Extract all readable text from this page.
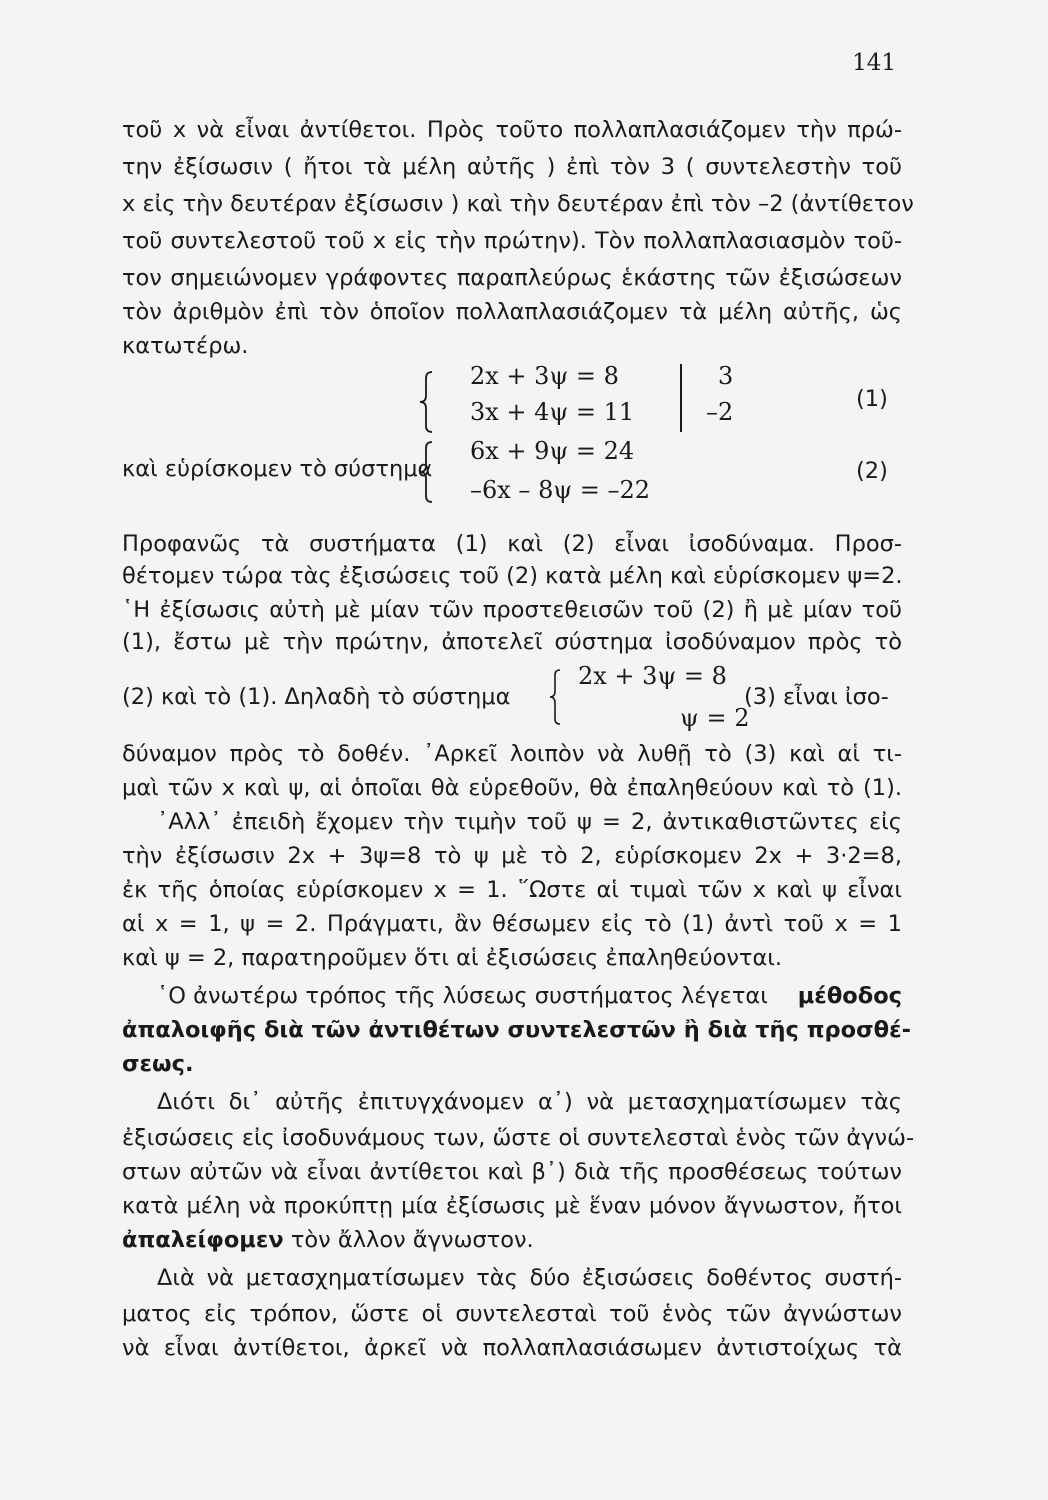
141
τοῦ x νὰ εἶναι ἀντίθετοι. Πρὸς τοῦτο πολλαπλασιάζομεν τὴν πρώ-
την ἐξίσωσιν ( ἤτοι τὰ μέλη αὐτῆς ) ἐπὶ τὸν 3 ( συντελεστὴν τοῦ
x εἰς τὴν δευτέραν ἐξίσωσιν ) καὶ τὴν δευτέραν ἐπὶ τὸν –2 (ἀντίθετον
τοῦ συντελεστοῦ τοῦ x εἰς τὴν πρώτην). Τὸν πολλαπλασιασμὸν τοῦ-
τον σημειώνομεν γράφοντες παραπλεύρως ἑκάστης τῶν ἐξισώσεων
τὸν ἀριθμὸν ἐπὶ τὸν ὁποῖον πολλαπλασιάζομεν τὰ μέλη αὐτῆς, ὡς
κατωτέρω.
2x + 3ψ = 8
3x + 4ψ = 11
3
–2	(1)
καὶ εὑρίσκομεν τὸ σύστημα
6x + 9ψ = 24
–6x – 8ψ = –22
(2)
Προφανῶς τὰ συστήματα (1) καὶ (2) εἶναι ἰσοδύναμα. Προσ-
θέτομεν τώρα τὰς ἐξισώσεις τοῦ (2) κατὰ μέλη καὶ εὑρίσκομεν ψ=2.
῾Η ἐξίσωσις αὐτὴ μὲ μίαν τῶν προστεθεισῶν τοῦ (2) ἢ μὲ μίαν τοῦ
(1), ἔστω μὲ τὴν πρώτην, ἀποτελεῖ σύστημα ἰσοδύναμον πρὸς τὸ
(2) καὶ τὸ (1). Δηλαδὴ τὸ σύστημα
2x + 3ψ = 8
ψ = 2
(3) εἶναι ἰσο-
δύναμον πρὸς τὸ δοθέν. ᾿Αρκεῖ λοιπὸν νὰ λυθῇ τὸ (3) καὶ αἱ τι-
μαὶ τῶν x καὶ ψ, αἱ ὁποῖαι θὰ εὑρεθοῦν, θὰ ἐπαληθεύουν καὶ τὸ (1).
᾿Αλλ᾿ ἐπειδὴ ἔχομεν τὴν τιμὴν τοῦ ψ = 2, ἀντικαθιστῶντες εἰς
τὴν ἐξίσωσιν 2x + 3ψ=8 τὸ ψ μὲ τὸ 2, εὑρίσκομεν 2x + 3·2=8,
ἐκ τῆς ὁποίας εὑρίσκομεν x = 1. ῞Ωστε αἱ τιμαὶ τῶν x καὶ ψ εἶναι
αἱ x = 1, ψ = 2. Πράγματι, ἂν θέσωμεν εἰς τὸ (1) ἀντὶ τοῦ x = 1
καὶ ψ = 2, παρατηροῦμεν ὅτι αἱ ἐξισώσεις ἐπαληθεύονται.
῾Ο ἀνωτέρω τρόπος τῆς λύσεως συστήματος λέγεται μέθοδος
ἀπαλοιφῆς διὰ τῶν ἀντιθέτων συντελεστῶν ἢ διὰ τῆς προσθέ-
σεως.
Διότι δι᾿ αὐτῆς ἐπιτυγχάνομεν α᾿) νὰ μετασχηματίσωμεν τὰς
ἐξισώσεις εἰς ἰσοδυνάμους των, ὥστε οἱ συντελεσταὶ ἑνὸς τῶν ἀγνώ-
στων αὐτῶν νὰ εἶναι ἀντίθετοι καὶ β᾿) διὰ τῆς προσθέσεως τούτων
κατὰ μέλη νὰ προκύπτῃ μία ἐξίσωσις μὲ ἕναν μόνον ἄγνωστον, ἤτοι
ἀπαλείφομεν τὸν ἄλλον ἄγνωστον.
Διὰ νὰ μετασχηματίσωμεν τὰς δύο ἐξισώσεις δοθέντος συστή-
ματος εἰς τρόπον, ὥστε οἱ συντελεσταὶ τοῦ ἑνὸς τῶν ἀγνώστων
νὰ εἶναι ἀντίθετοι, ἀρκεῖ νὰ πολλαπλασιάσωμεν ἀντιστοίχως τὰ
